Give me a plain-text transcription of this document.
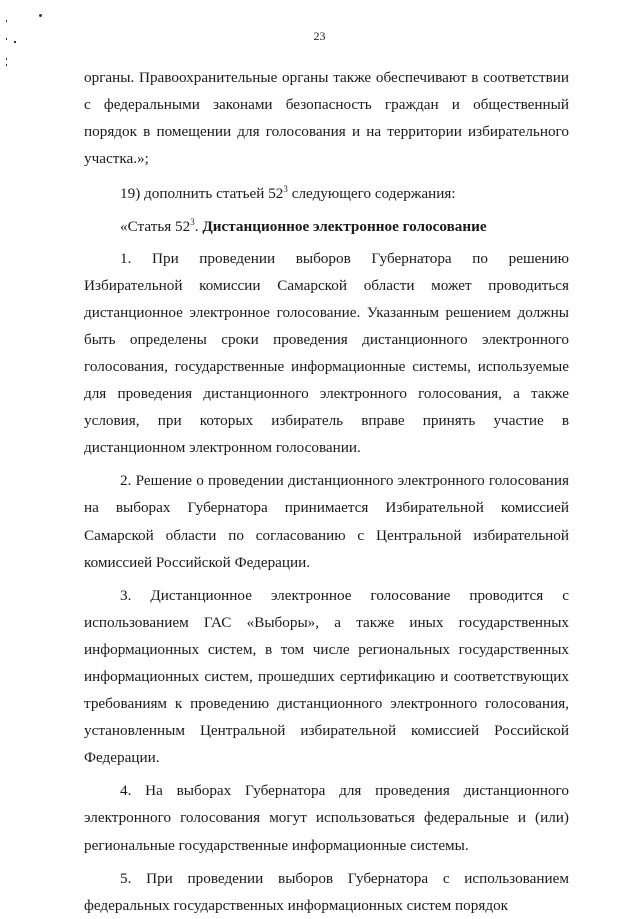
23

органы. Правоохранительные органы также обеспечивают в соответствии с федеральными законами безопасность граждан и общественный порядок в помещении для голосования и на территории избирательного участка.»;

19) дополнить статьей $52^3$ следующего содержания:

«Статья $52^3$. Дистанционное электронное голосование

1. При проведении выборов Губернатора по решению Избирательной комиссии Самарской области может проводиться дистанционное электронное голосование. Указанным решением должны быть определены сроки проведения дистанционного электронного голосования, государственные информационные системы, используемые для проведения дистанционного электронного голосования, а также условия, при которых избиратель вправе принять участие в дистанционном электронном голосовании.

2. Решение о проведении дистанционного электронного голосования на выборах Губернатора принимается Избирательной комиссией Самарской области по согласованию с Центральной избирательной комиссией Российской Федерации.

3. Дистанционное электронное голосование проводится с использованием ГАС «Выборы», а также иных государственных информационных систем, в том числе региональных государственных информационных систем, прошедших сертификацию и соответствующих требованиям к проведению дистанционного электронного голосования, установленным Центральной избирательной комиссией Российской Федерации.

4. На выборах Губернатора для проведения дистанционного электронного голосования могут использоваться федеральные и (или) региональные государственные информационные системы.

5. При проведении выборов Губернатора с использованием федеральных государственных информационных систем порядок
